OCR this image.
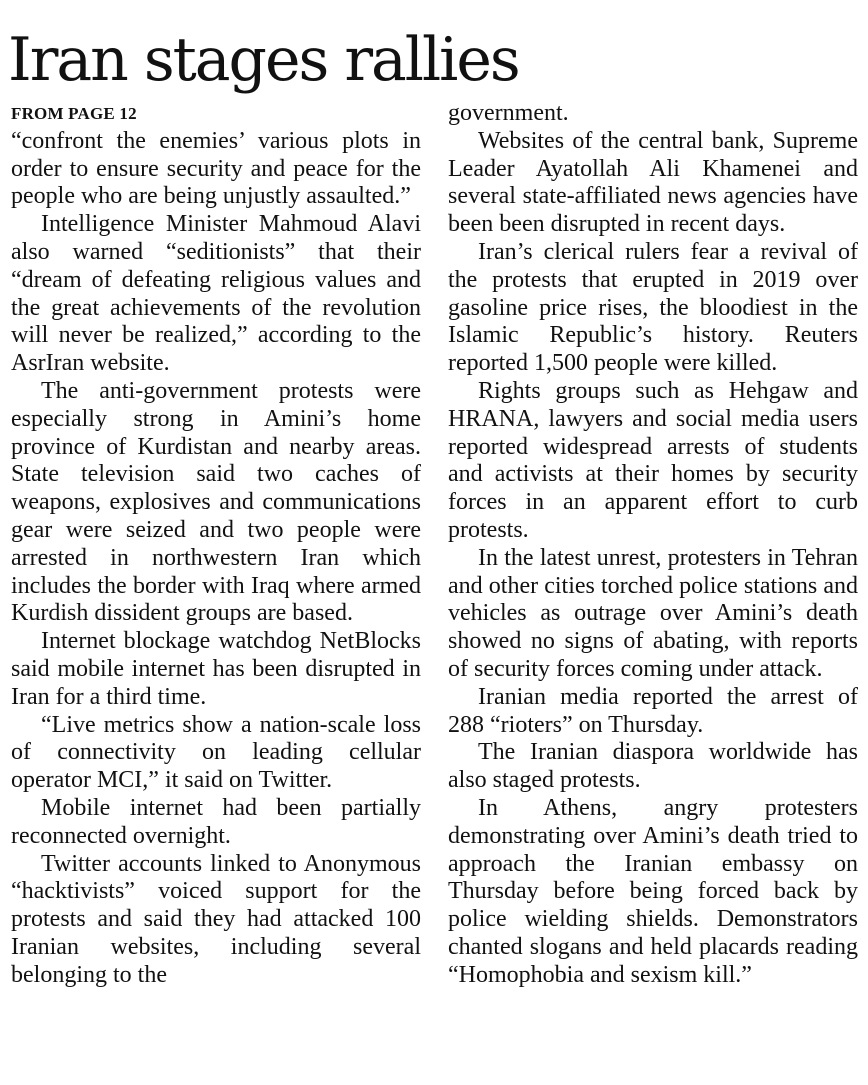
Iran stages rallies
FROM PAGE 12

“confront the enemies’ various plots in order to ensure security and peace for the people who are being unjustly assaulted.”

Intelligence Minister Mahmoud Alavi also warned “seditionists” that their “dream of defeating religious values and the great achievements of the revolution will never be realized,” according to the AsrIran website.

The anti-government protests were especially strong in Amini’s home province of Kurdistan and nearby areas. State television said two caches of weapons, explosives and communications gear were seized and two people were arrested in northwestern Iran which includes the border with Iraq where armed Kurdish dissident groups are based.

Internet blockage watchdog NetBlocks said mobile internet has been disrupted in Iran for a third time.

“Live metrics show a nation-scale loss of connectivity on leading cellular operator MCI,” it said on Twitter.

Mobile internet had been partially reconnected overnight.

Twitter accounts linked to Anonymous “hacktivists” voiced support for the protests and said they had attacked 100 Iranian websites, including several belonging to the

government.

Websites of the central bank, Supreme Leader Ayatollah Ali Khamenei and several state-affiliated news agencies have been been disrupted in recent days.

Iran’s clerical rulers fear a revival of the protests that erupted in 2019 over gasoline price rises, the bloodiest in the Islamic Republic’s history. Reuters reported 1,500 people were killed.

Rights groups such as Hehgaw and HRANA, lawyers and social media users reported widespread arrests of students and activists at their homes by security forces in an apparent effort to curb protests.

In the latest unrest, protesters in Tehran and other cities torched police stations and vehicles as outrage over Amini’s death showed no signs of abating, with reports of security forces coming under attack.

Iranian media reported the arrest of 288 “rioters” on Thursday.

The Iranian diaspora worldwide has also staged protests.

In Athens, angry protesters demonstrating over Amini’s death tried to approach the Iranian embassy on Thursday before being forced back by police wielding shields. Demonstrators chanted slogans and held placards reading “Homophobia and sexism kill.”
